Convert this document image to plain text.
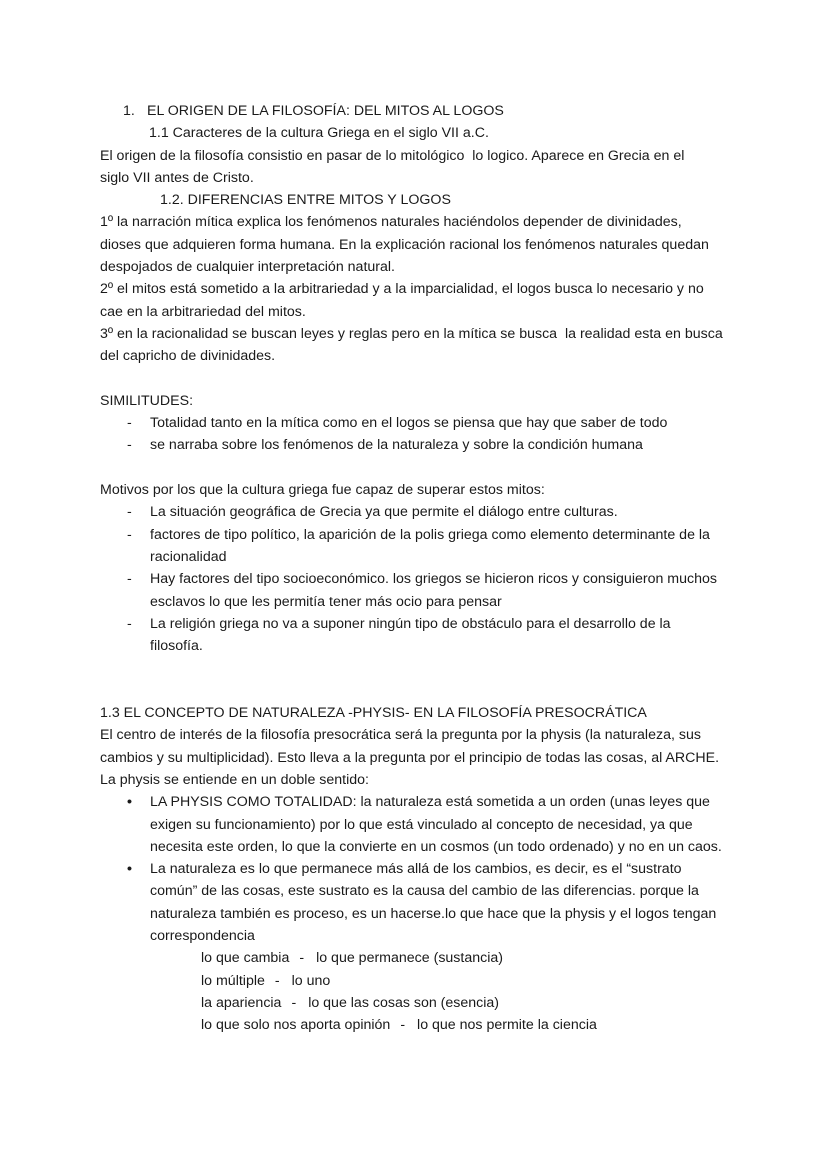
1. EL ORIGEN DE LA FILOSOFÍA: DEL MITOS AL LOGOS
1.1 Caracteres de la cultura Griega en el siglo VII a.C.
El origen de la filosofía consistio en pasar de lo mitológico  lo logico. Aparece en Grecia en el
siglo VII antes de Cristo.
1.2. DIFERENCIAS ENTRE MITOS Y LOGOS
1º la narración mítica explica los fenómenos naturales haciéndolos depender de divinidades,
dioses que adquieren forma humana. En la explicación racional los fenómenos naturales quedan
despojados de cualquier interpretación natural.
2º el mitos está sometido a la arbitrariedad y a la imparcialidad, el logos busca lo necesario y no
cae en la arbitrariedad del mitos.
3º en la racionalidad se buscan leyes y reglas pero en la mítica se busca  la realidad esta en busca
del capricho de divinidades.
SIMILITUDES:
- Totalidad tanto en la mítica como en el logos se piensa que hay que saber de todo
- se narraba sobre los fenómenos de la naturaleza y sobre la condición humana
Motivos por los que la cultura griega fue capaz de superar estos mitos:
- La situación geográfica de Grecia ya que permite el diálogo entre culturas.
- factores de tipo político, la aparición de la polis griega como elemento determinante de la
racionalidad
- Hay factores del tipo socioeconómico. los griegos se hicieron ricos y consiguieron muchos
esclavos lo que les permitía tener más ocio para pensar
- La religión griega no va a suponer ningún tipo de obstáculo para el desarrollo de la
filosofía.
1.3 EL CONCEPTO DE NATURALEZA -PHYSIS- EN LA FILOSOFÍA PRESOCRÁTICA
El centro de interés de la filosofía presocrática será la pregunta por la physis (la naturaleza, sus
cambios y su multiplicidad). Esto lleva a la pregunta por el principio de todas las cosas, al ARCHE.
La physis se entiende en un doble sentido:
• LA PHYSIS COMO TOTALIDAD: la naturaleza está sometida a un orden (unas leyes que
exigen su funcionamiento) por lo que está vinculado al concepto de necesidad, ya que
necesita este orden, lo que la convierte en un cosmos (un todo ordenado) y no en un caos.
• La naturaleza es lo que permanece más allá de los cambios, es decir, es el “sustrato
común” de las cosas, este sustrato es la causa del cambio de las diferencias. porque la
naturaleza también es proceso, es un hacerse.lo que hace que la physis y el logos tengan
correspondencia
lo que cambia - lo que permanece (sustancia)
lo múltiple - lo uno
la apariencia - lo que las cosas son (esencia)
lo que solo nos aporta opinión - lo que nos permite la ciencia
